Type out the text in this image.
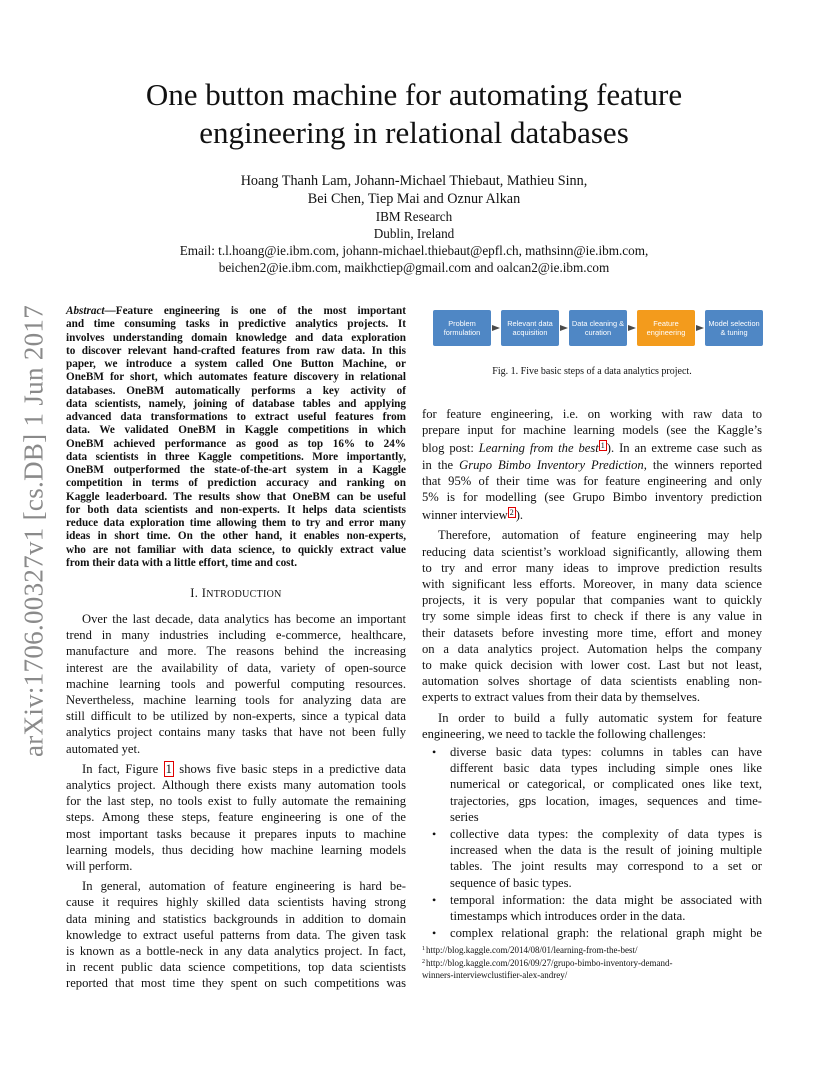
arXiv:1706.00327v1 [cs.DB] 1 Jun 2017
One button machine for automating feature
engineering in relational databases
Hoang Thanh Lam, Johann-Michael Thiebaut, Mathieu Sinn,
Bei Chen, Tiep Mai and Oznur Alkan
IBM Research
Dublin, Ireland
Email: t.l.hoang@ie.ibm.com, johann-michael.thiebaut@epfl.ch, mathsinn@ie.ibm.com,
beichen2@ie.ibm.com, maikhctiep@gmail.com and oalcan2@ie.ibm.com
Abstract—Feature engineering is one of the most important
and time consuming tasks in predictive analytics projects. It
involves understanding domain knowledge and data exploration
to discover relevant hand-crafted features from raw data. In this
paper, we introduce a system called One Button Machine, or
OneBM for short, which automates feature discovery in relational
databases. OneBM automatically performs a key activity of
data scientists, namely, joining of database tables and applying
advanced data transformations to extract useful features from
data. We validated OneBM in Kaggle competitions in which
OneBM achieved performance as good as top 16% to 24%
data scientists in three Kaggle competitions. More importantly,
OneBM outperformed the state-of-the-art system in a Kaggle
competition in terms of prediction accuracy and ranking on
Kaggle leaderboard. The results show that OneBM can be useful
for both data scientists and non-experts. It helps data scientists
reduce data exploration time allowing them to try and error many
ideas in short time. On the other hand, it enables non-experts,
who are not familiar with data science, to quickly extract value
from their data with a little effort, time and cost.
I. INTRODUCTION
Over the last decade, data analytics has become an important
trend in many industries including e-commerce, healthcare,
manufacture and more. The reasons behind the increasing
interest are the availability of data, variety of open-source
machine learning tools and powerful computing resources.
Nevertheless, machine learning tools for analyzing data are
still difficult to be utilized by non-experts, since a typical data
analytics project contains many tasks that have not been fully
automated yet.
In fact, Figure 1 shows five basic steps in a predictive data
analytics project. Although there exists many automation tools
for the last step, no tools exist to fully automate the remaining
steps. Among these steps, feature engineering is one of the
most important tasks because it prepares inputs to machine
learning models, thus deciding how machine learning models
will perform.
In general, automation of feature engineering is hard be-
cause it requires highly skilled data scientists having strong
data mining and statistics backgrounds in addition to domain
knowledge to extract useful patterns from data. The given task
is known as a bottle-neck in any data analytics project. In fact,
in recent public data science competitions, top data scientists
reported that most time they spent on such competitions was
Problem formulation
Relevant data acquisition
Data cleaning & curation
Feature engineering
Model selection & tuning
Fig. 1. Five basic steps of a data analytics project.
for feature engineering, i.e. on working with raw data to
prepare input for machine learning models (see the Kaggle’s
blog post: Learning from the best $^1$ ). In an extreme case such as
in the Grupo Bimbo Inventory Prediction, the winners reported
that 95% of their time was for feature engineering and only
5% is for modelling (see Grupo Bimbo inventory prediction
winner interview $^2$ ).
Therefore, automation of feature engineering may help
reducing data scientist’s workload significantly, allowing them
to try and error many ideas to improve prediction results
with significant less efforts. Moreover, in many data science
projects, it is very popular that companies want to quickly
try some simple ideas first to check if there is any value in
their datasets before investing more time, effort and money
on a data analytics project. Automation helps the company
to make quick decision with lower cost. Last but not least,
automation solves shortage of data scientists enabling non-
experts to extract values from their data by themselves.
In order to build a fully automatic system for feature
engineering, we need to tackle the following challenges:
• diverse basic data types: columns in tables can have
different basic data types including simple ones like
numerical or categorical, or complicated ones like text,
trajectories, gps location, images, sequences and time-
series
• collective data types: the complexity of data types is
increased when the data is the result of joining multiple
tables. The joint results may correspond to a set or
sequence of basic types.
• temporal information: the data might be associated with
timestamps which introduces order in the data.
• complex relational graph: the relational graph might be
$^1$http://blog.kaggle.com/2014/08/01/learning-from-the-best/
$^2$http://blog.kaggle.com/2016/09/27/grupo-bimbo-inventory-demand-
winners-interviewclustifier-alex-andrey/
